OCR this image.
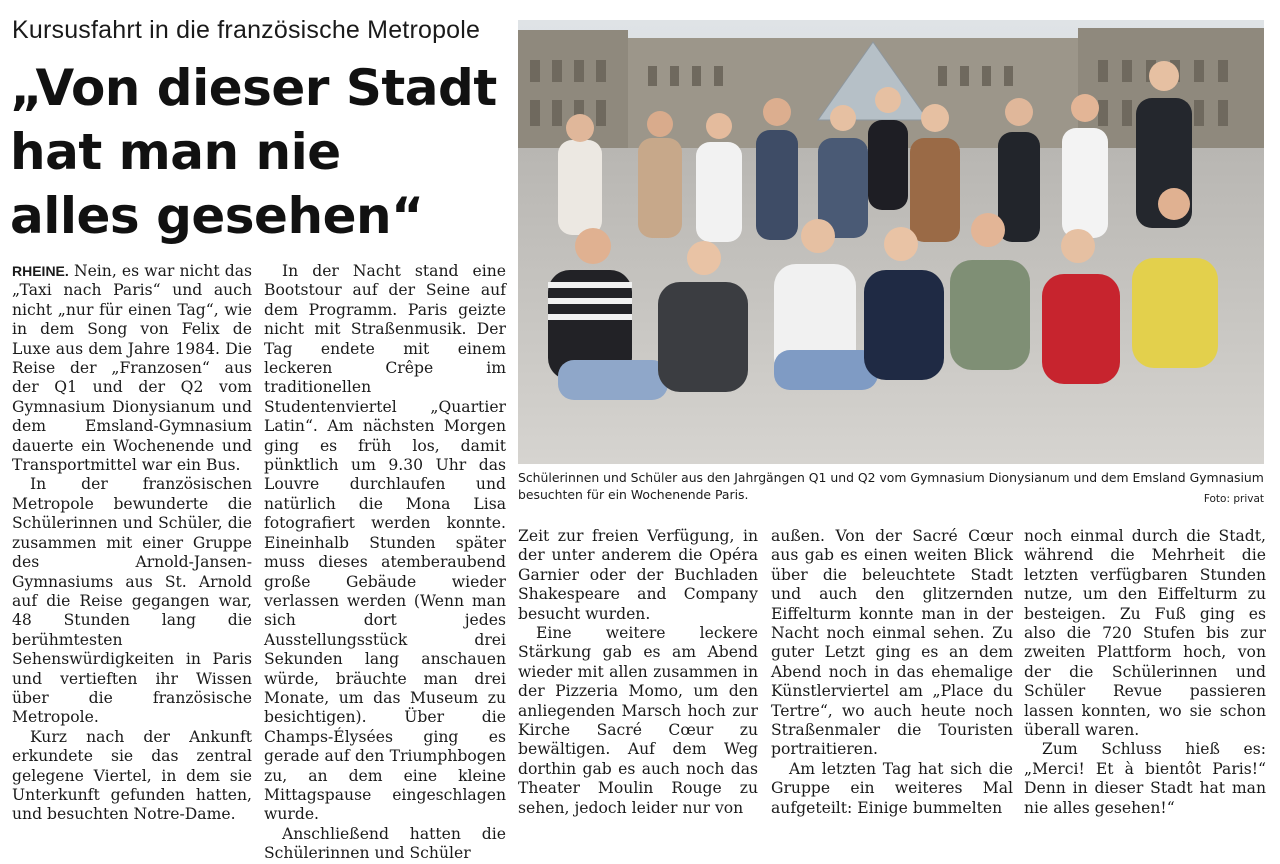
Kursusfahrt in die französische Metropole
„Von dieser Stadt
hat man nie
alles gesehen“

RHEINE. Nein, es war nicht das „Taxi nach Paris“ und auch nicht „nur für einen Tag“, wie in dem Song von Felix de Luxe aus dem Jahre 1984. Die Reise der „Franzosen“ aus der Q1 und der Q2 vom Gymnasium Dionysianum und dem Emsland-Gymnasium dauerte ein Wochenende und Transportmittel war ein Bus.

In der französischen Metropole bewunderte die Schülerinnen und Schüler, die zusammen mit einer Gruppe des Arnold-Jansen-Gymnasiums aus St. Arnold auf die Reise gegangen war, 48 Stunden lang die berühmtesten Sehenswürdigkeiten in Paris und vertieften ihr Wissen über die französische Metropole.

Kurz nach der Ankunft erkundete sie das zentral gelegene Viertel, in dem sie Unterkunft gefunden hatten, und besuchten Notre-Dame.

In der Nacht stand eine Bootstour auf der Seine auf dem Programm. Paris geizte nicht mit Straßenmusik. Der Tag endete mit einem leckeren Crêpe im traditionellen Studentenviertel „Quartier Latin“. Am nächsten Morgen ging es früh los, damit pünktlich um 9.30 Uhr das Louvre durchlaufen und natürlich die Mona Lisa fotografiert werden konnte. Eineinhalb Stunden später muss dieses atemberaubend große Gebäude wieder verlassen werden (Wenn man sich dort jedes Ausstellungsstück drei Sekunden lang anschauen würde, bräuchte man drei Monate, um das Museum zu besichtigen). Über die Champs-Élysées ging es gerade auf den Triumphbogen zu, an dem eine kleine Mittagspause eingeschlagen wurde.

Anschließend hatten die Schülerinnen und Schüler

Schülerinnen und Schüler aus den Jahrgängen Q1 und Q2 vom Gymnasium Dionysianum und dem Emsland Gymnasium besuchten für ein Wochenende Paris.	Foto: privat

Zeit zur freien Verfügung, in der unter anderem die Opéra Garnier oder der Buchladen Shakespeare and Company besucht wurden.

Eine weitere leckere Stärkung gab es am Abend wieder mit allen zusammen in der Pizzeria Momo, um den anliegenden Marsch hoch zur Kirche Sacré Cœur zu bewältigen. Auf dem Weg dorthin gab es auch noch das Theater Moulin Rouge zu sehen, jedoch leider nur von

außen. Von der Sacré Cœur aus gab es einen weiten Blick über die beleuchtete Stadt und auch den glitzernden Eiffelturm konnte man in der Nacht noch einmal sehen. Zu guter Letzt ging es an dem Abend noch in das ehemalige Künstlerviertel am „Place du Tertre“, wo auch heute noch Straßenmaler die Touristen portraitieren.

Am letzten Tag hat sich die Gruppe ein weiteres Mal aufgeteilt: Einige bummelten

noch einmal durch die Stadt, während die Mehrheit die letzten verfügbaren Stunden nutze, um den Eiffelturm zu besteigen. Zu Fuß ging es also die 720 Stufen bis zur zweiten Plattform hoch, von der die Schülerinnen und Schüler Revue passieren lassen konnten, wo sie schon überall waren.

Zum Schluss hieß es: „Merci! Et à bientôt Paris!“ Denn in dieser Stadt hat man nie alles gesehen!“
